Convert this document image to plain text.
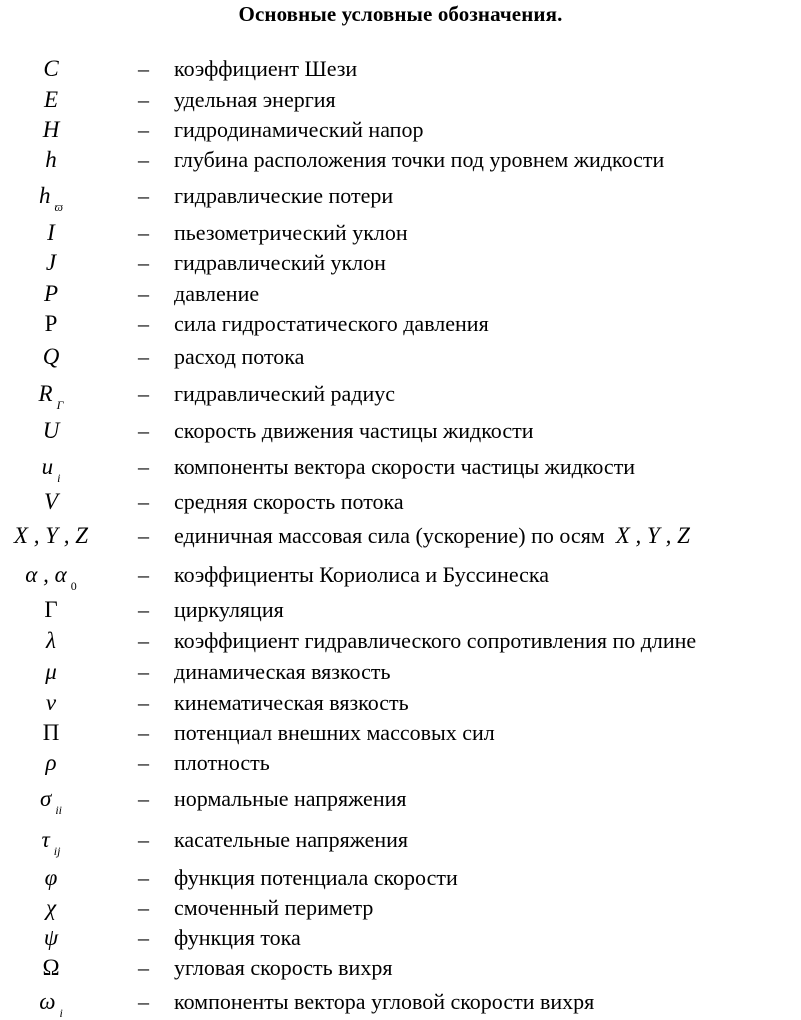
Основные условные обозначения.
C	– коэффициент Шези
E	– удельная энергия
H	– гидродинамический напор
h	– глубина расположения точки под уровнем жидкости
h $_ϖ$	– гидравлические потери
I	– пьезометрический уклон
J	– гидравлический уклон
P	– давление
Р	– сила гидростатического давления
Q	– расход потока
R $_Г$	– гидравлический радиус
U	– скорость движения частицы жидкости
u $_i$	– компоненты вектора скорости частицы жидкости
V	– средняя скорость потока
X , Y , Z	– единичная массовая сила (ускорение) по осям X , Y , Z
α , α $_0$	– коэффициенты Кориолиса и Буссинеска
Г	– циркуляция
λ	– коэффициент гидравлического сопротивления по длине
μ	– динамическая вязкость
ν	– кинематическая вязкость
П	– потенциал внешних массовых сил
ρ	– плотность
σ $_{ii}$	– нормальные напряжения
τ $_{ij}$	– касательные напряжения
φ	– функция потенциала скорости
χ	– смоченный периметр
ψ	– функция тока
Ω	– угловая скорость вихря
ω $_i$	– компоненты вектора угловой скорости вихря
